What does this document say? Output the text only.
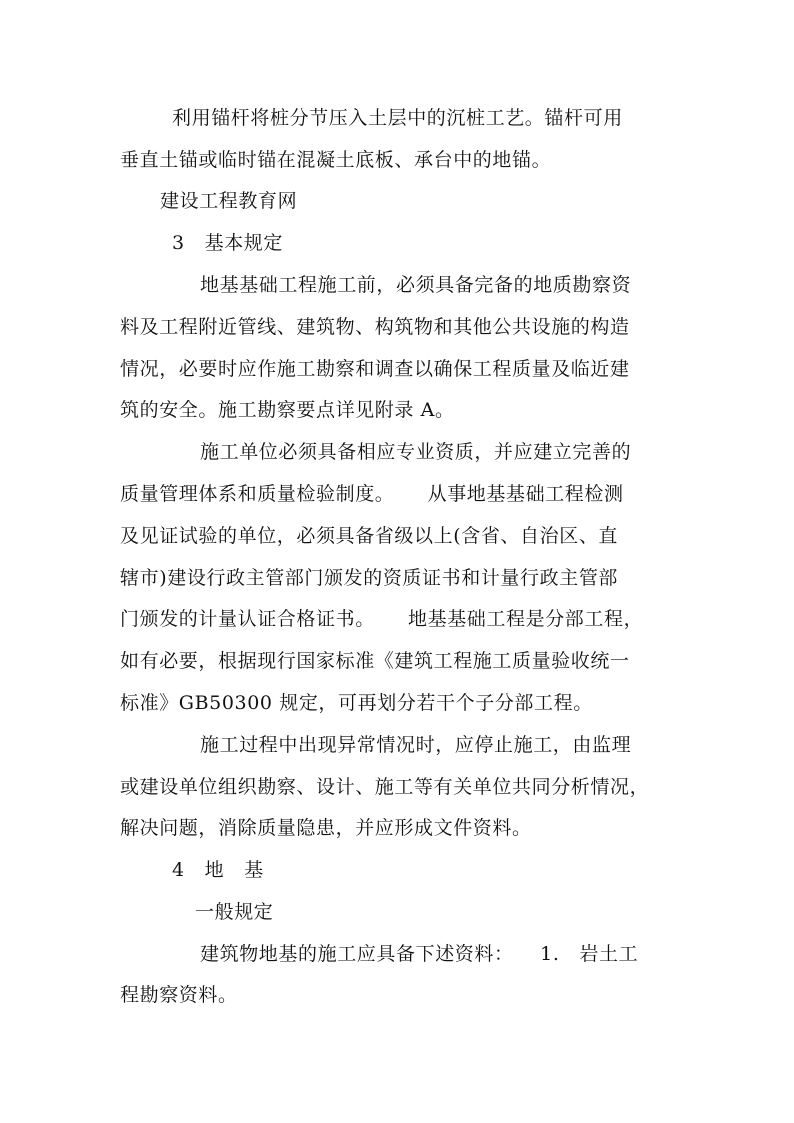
利用锚杆将桩分节压入土层中的沉桩工艺。锚杆可用
垂直土锚或临时锚在混凝土底板、承台中的地锚。
建设工程教育网
3   基本规定
地基基础工程施工前，必须具备完备的地质勘察资
料及工程附近管线、建筑物、构筑物和其他公共设施的构造
情况，必要时应作施工勘察和调查以确保工程质量及临近建
筑的安全。施工勘察要点详见附录 A。
施工单位必须具备相应专业资质，并应建立完善的
质量管理体系和质量检验制度。     从事地基基础工程检测
及见证试验的单位，必须具备省级以上(含省、自治区、直
辖市)建设行政主管部门颁发的资质证书和计量行政主管部
门颁发的计量认证合格证书。     地基基础工程是分部工程，
如有必要，根据现行国家标准《建筑工程施工质量验收统一
标准》GB50300 规定，可再划分若干个子分部工程。
施工过程中出现异常情况时，应停止施工，由监理
或建设单位组织勘察、设计、施工等有关单位共同分析情况，
解决问题，消除质量隐患，并应形成文件资料。
4   地   基
一般规定
建筑物地基的施工应具备下述资料：    1.   岩土工
程勘察资料。
